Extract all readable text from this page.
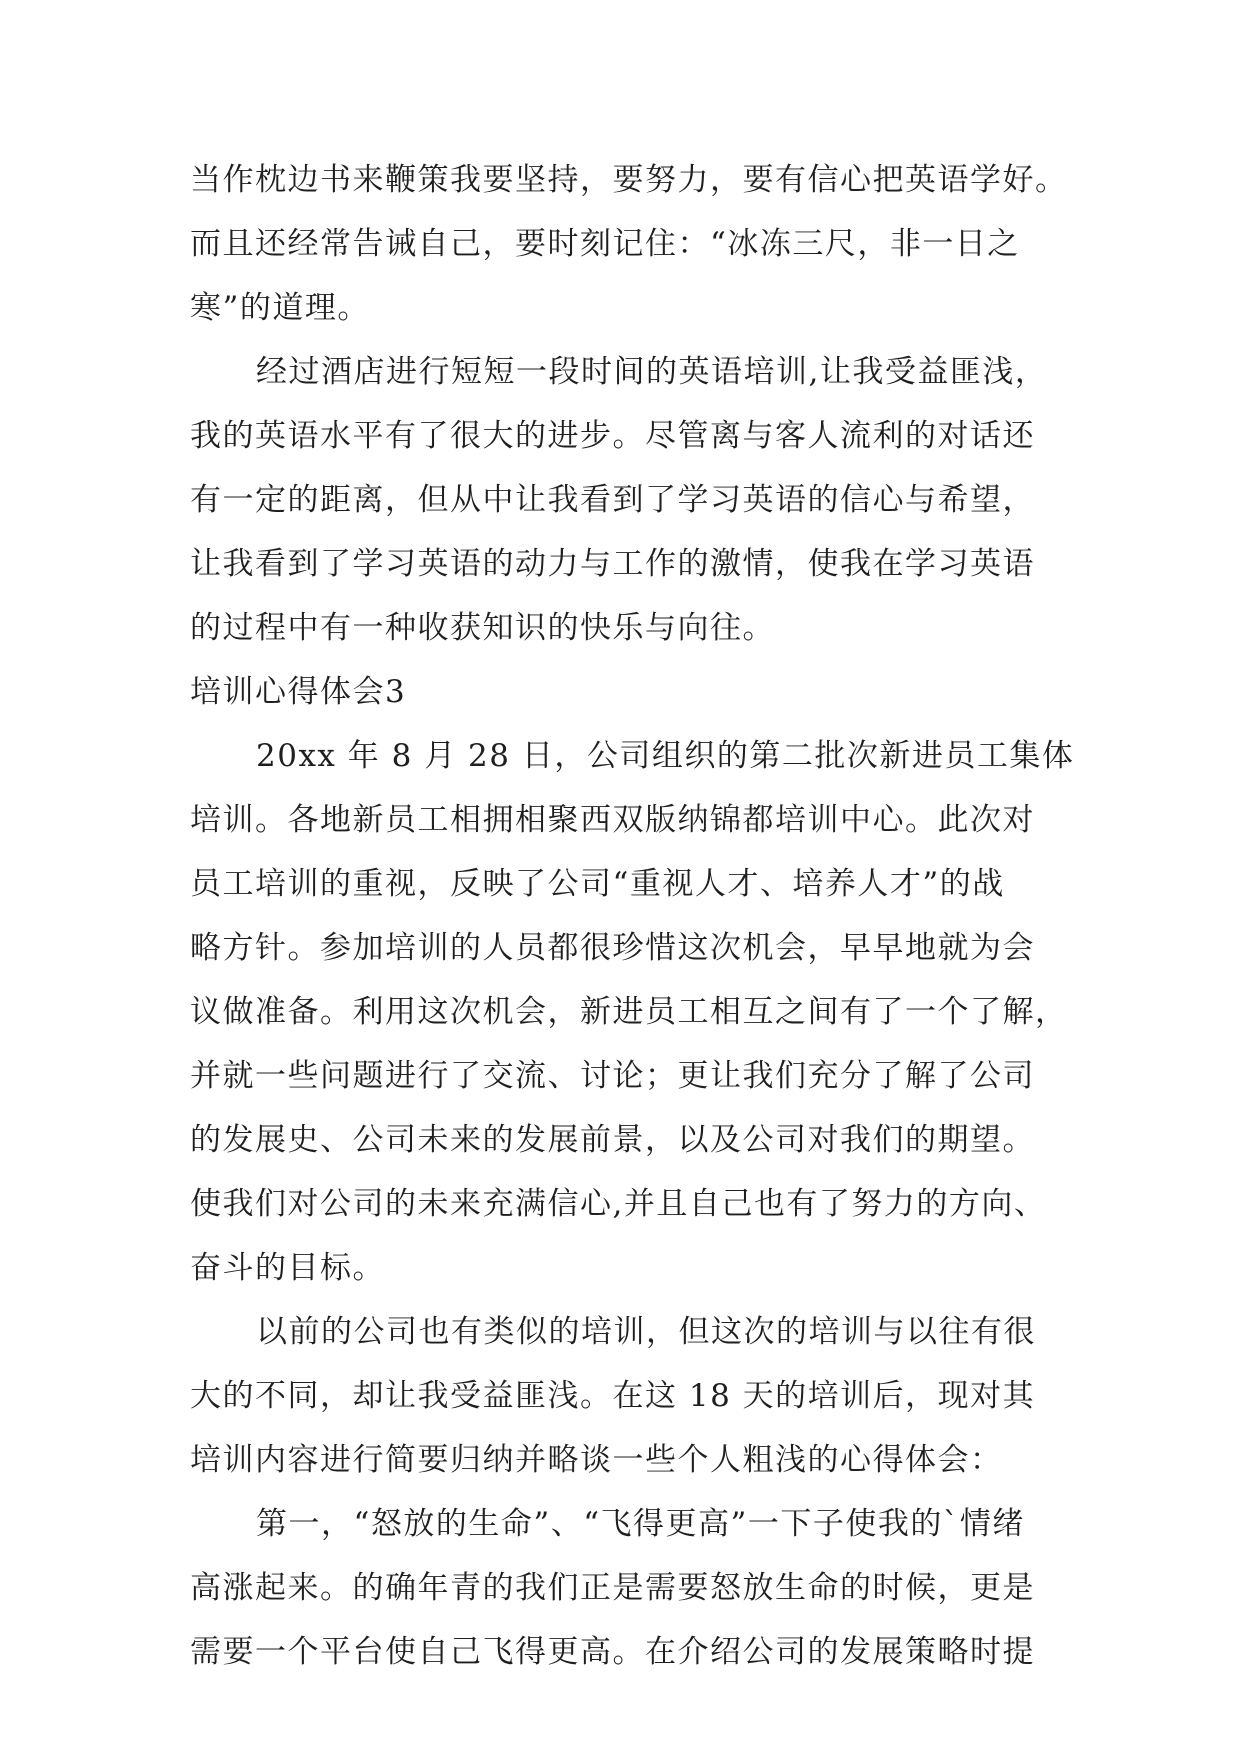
当作枕边书来鞭策我要坚持，要努力，要有信心把英语学好。
而且还经常告诫自己，要时刻记住：“冰冻三尺，非一日之
寒”的道理。
经过酒店进行短短一段时间的英语培训,让我受益匪浅，
我的英语水平有了很大的进步。尽管离与客人流利的对话还
有一定的距离，但从中让我看到了学习英语的信心与希望，
让我看到了学习英语的动力与工作的激情，使我在学习英语
的过程中有一种收获知识的快乐与向往。
培训心得体会3
20xx 年 8 月 28 日，公司组织的第二批次新进员工集体
培训。各地新员工相拥相聚西双版纳锦都培训中心。此次对
员工培训的重视，反映了公司“重视人才、培养人才”的战
略方针。参加培训的人员都很珍惜这次机会，早早地就为会
议做准备。利用这次机会，新进员工相互之间有了一个了解，
并就一些问题进行了交流、讨论；更让我们充分了解了公司
的发展史、公司未来的发展前景，以及公司对我们的期望。
使我们对公司的未来充满信心,并且自己也有了努力的方向、
奋斗的目标。
以前的公司也有类似的培训，但这次的培训与以往有很
大的不同，却让我受益匪浅。在这 18 天的培训后，现对其
培训内容进行简要归纳并略谈一些个人粗浅的心得体会：
第一，“怒放的生命”、“飞得更高”一下子使我的`情绪
高涨起来。的确年青的我们正是需要怒放生命的时候，更是
需要一个平台使自己飞得更高。在介绍公司的发展策略时提
